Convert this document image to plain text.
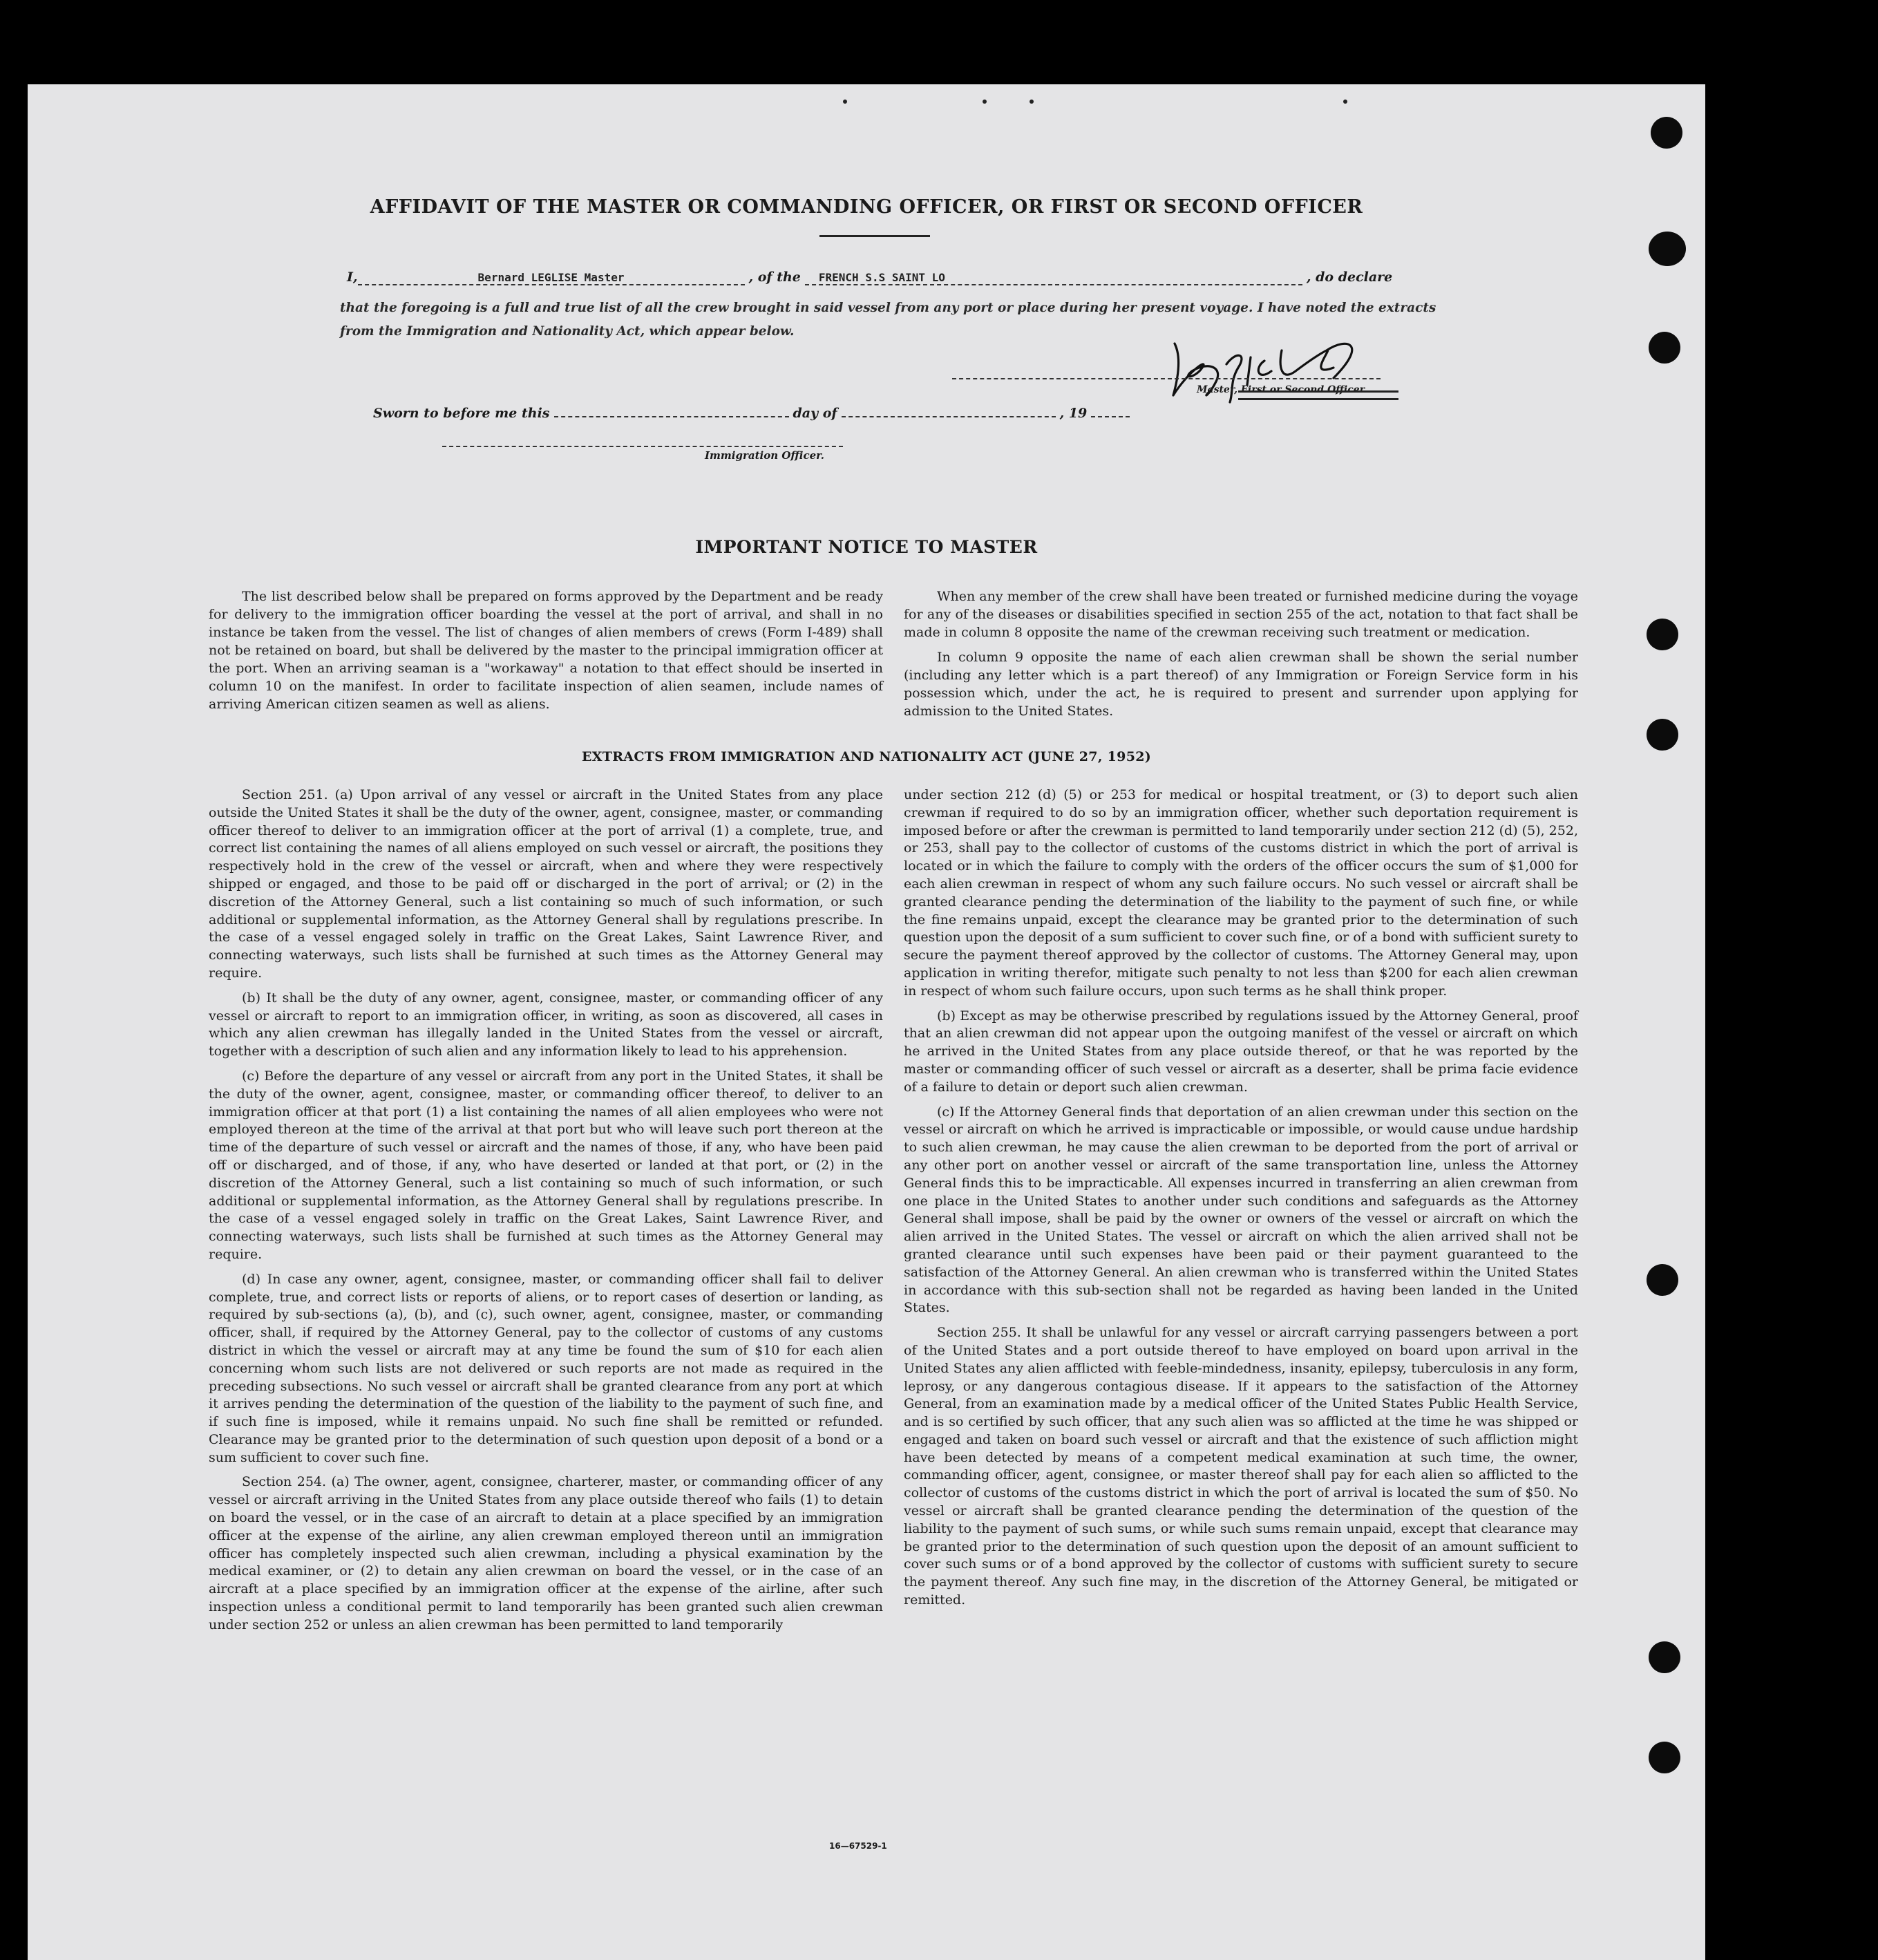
AFFIDAVIT OF THE MASTER OR COMMANDING OFFICER, OR FIRST OR SECOND OFFICER
I,	Bernard LEGLISE Master	, of the	FRENCH S.S SAINT LO	, do declare
that the foregoing is a full and true list of all the crew brought in said vessel from any port or place during her present voyage. I have noted the extracts from the Immigration and Nationality Act, which appear below.
Master, First or Second Officer.
Sworn to before me this	day of	, 19
Immigration Officer.
IMPORTANT NOTICE TO MASTER

The list described below shall be prepared on forms approved by the Department and be ready for delivery to the immigration officer boarding the vessel at the port of arrival, and shall in no instance be taken from the vessel. The list of changes of alien members of crews (Form I-489) shall not be retained on board, but shall be delivered by the master to the principal immigration officer at the port. When an arriving seaman is a "workaway" a notation to that effect should be inserted in column 10 on the manifest. In order to facilitate inspection of alien seamen, include names of arriving American citizen seamen as well as aliens.

When any member of the crew shall have been treated or furnished medicine during the voyage for any of the diseases or disabilities specified in section 255 of the act, notation to that fact shall be made in column 8 opposite the name of the crewman receiving such treatment or medication.

In column 9 opposite the name of each alien crewman shall be shown the serial number (including any letter which is a part thereof) of any Immigration or Foreign Service form in his possession which, under the act, he is required to present and surrender upon applying for admission to the United States.

EXTRACTS FROM IMMIGRATION AND NATIONALITY ACT (JUNE 27, 1952)

Section 251. (a) Upon arrival of any vessel or aircraft in the United States from any place outside the United States it shall be the duty of the owner, agent, consignee, master, or commanding officer thereof to deliver to an immigration officer at the port of arrival (1) a complete, true, and correct list containing the names of all aliens employed on such vessel or aircraft, the positions they respectively hold in the crew of the vessel or aircraft, when and where they were respectively shipped or engaged, and those to be paid off or discharged in the port of arrival; or (2) in the discretion of the Attorney General, such a list containing so much of such information, or such additional or supplemental information, as the Attorney General shall by regulations prescribe. In the case of a vessel engaged solely in traffic on the Great Lakes, Saint Lawrence River, and connecting waterways, such lists shall be furnished at such times as the Attorney General may require.

(b) It shall be the duty of any owner, agent, consignee, master, or commanding officer of any vessel or aircraft to report to an immigration officer, in writing, as soon as discovered, all cases in which any alien crewman has illegally landed in the United States from the vessel or aircraft, together with a description of such alien and any information likely to lead to his apprehension.

(c) Before the departure of any vessel or aircraft from any port in the United States, it shall be the duty of the owner, agent, consignee, master, or commanding officer thereof, to deliver to an immigration officer at that port (1) a list containing the names of all alien employees who were not employed thereon at the time of the arrival at that port but who will leave such port thereon at the time of the departure of such vessel or aircraft and the names of those, if any, who have been paid off or discharged, and of those, if any, who have deserted or landed at that port, or (2) in the discretion of the Attorney General, such a list containing so much of such information, or such additional or supplemental information, as the Attorney General shall by regulations prescribe. In the case of a vessel engaged solely in traffic on the Great Lakes, Saint Lawrence River, and connecting waterways, such lists shall be furnished at such times as the Attorney General may require.

(d) In case any owner, agent, consignee, master, or commanding officer shall fail to deliver complete, true, and correct lists or reports of aliens, or to report cases of desertion or landing, as required by sub-sections (a), (b), and (c), such owner, agent, consignee, master, or commanding officer, shall, if required by the Attorney General, pay to the collector of customs of any customs district in which the vessel or aircraft may at any time be found the sum of $10 for each alien concerning whom such lists are not delivered or such reports are not made as required in the preceding subsections. No such vessel or aircraft shall be granted clearance from any port at which it arrives pending the determination of the question of the liability to the payment of such fine, and if such fine is imposed, while it remains unpaid. No such fine shall be remitted or refunded. Clearance may be granted prior to the determination of such question upon deposit of a bond or a sum sufficient to cover such fine.

Section 254. (a) The owner, agent, consignee, charterer, master, or commanding officer of any vessel or aircraft arriving in the United States from any place outside thereof who fails (1) to detain on board the vessel, or in the case of an aircraft to detain at a place specified by an immigration officer at the expense of the airline, any alien crewman employed thereon until an immigration officer has completely inspected such alien crewman, including a physical examination by the medical examiner, or (2) to detain any alien crewman on board the vessel, or in the case of an aircraft at a place specified by an immigration officer at the expense of the airline, after such inspection unless a conditional permit to land temporarily has been granted such alien crewman under section 252 or unless an alien crewman has been permitted to land temporarily

under section 212 (d) (5) or 253 for medical or hospital treatment, or (3) to deport such alien crewman if required to do so by an immigration officer, whether such deportation requirement is imposed before or after the crewman is permitted to land temporarily under section 212 (d) (5), 252, or 253, shall pay to the collector of customs of the customs district in which the port of arrival is located or in which the failure to comply with the orders of the officer occurs the sum of $1,000 for each alien crewman in respect of whom any such failure occurs. No such vessel or aircraft shall be granted clearance pending the determination of the liability to the payment of such fine, or while the fine remains unpaid, except the clearance may be granted prior to the determination of such question upon the deposit of a sum sufficient to cover such fine, or of a bond with sufficient surety to secure the payment thereof approved by the collector of customs. The Attorney General may, upon application in writing therefor, mitigate such penalty to not less than $200 for each alien crewman in respect of whom such failure occurs, upon such terms as he shall think proper.

(b) Except as may be otherwise prescribed by regulations issued by the Attorney General, proof that an alien crewman did not appear upon the outgoing manifest of the vessel or aircraft on which he arrived in the United States from any place outside thereof, or that he was reported by the master or commanding officer of such vessel or aircraft as a deserter, shall be prima facie evidence of a failure to detain or deport such alien crewman.

(c) If the Attorney General finds that deportation of an alien crewman under this section on the vessel or aircraft on which he arrived is impracticable or impossible, or would cause undue hardship to such alien crewman, he may cause the alien crewman to be deported from the port of arrival or any other port on another vessel or aircraft of the same transportation line, unless the Attorney General finds this to be impracticable. All expenses incurred in transferring an alien crewman from one place in the United States to another under such conditions and safeguards as the Attorney General shall impose, shall be paid by the owner or owners of the vessel or aircraft on which the alien arrived in the United States. The vessel or aircraft on which the alien arrived shall not be granted clearance until such expenses have been paid or their payment guaranteed to the satisfaction of the Attorney General. An alien crewman who is transferred within the United States in accordance with this sub-section shall not be regarded as having been landed in the United States.

Section 255. It shall be unlawful for any vessel or aircraft carrying passengers between a port of the United States and a port outside thereof to have employed on board upon arrival in the United States any alien afflicted with feeble-mindedness, insanity, epilepsy, tuberculosis in any form, leprosy, or any dangerous contagious disease. If it appears to the satisfaction of the Attorney General, from an examination made by a medical officer of the United States Public Health Service, and is so certified by such officer, that any such alien was so afflicted at the time he was shipped or engaged and taken on board such vessel or aircraft and that the existence of such affliction might have been detected by means of a competent medical examination at such time, the owner, commanding officer, agent, consignee, or master thereof shall pay for each alien so afflicted to the collector of customs of the customs district in which the port of arrival is located the sum of $50. No vessel or aircraft shall be granted clearance pending the determination of the question of the liability to the payment of such sums, or while such sums remain unpaid, except that clearance may be granted prior to the determination of such question upon the deposit of an amount sufficient to cover such sums or of a bond approved by the collector of customs with sufficient surety to secure the payment thereof. Any such fine may, in the discretion of the Attorney General, be mitigated or remitted.

16—67529-1
